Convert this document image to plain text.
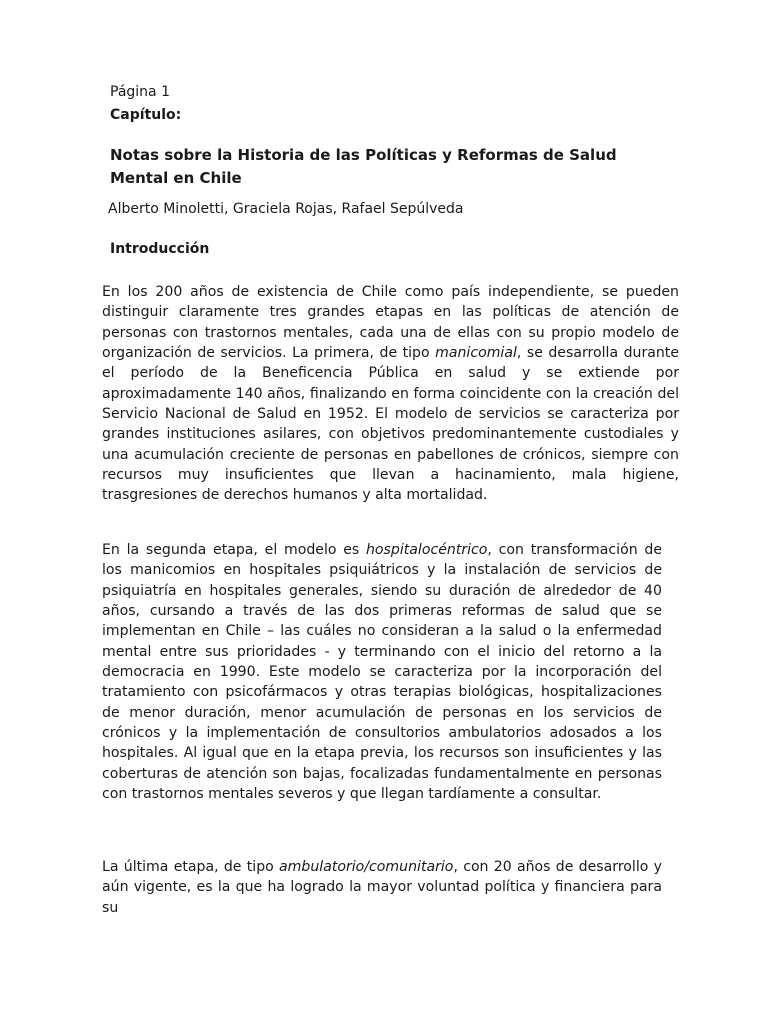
Página 1
Capítulo:
Notas sobre la Historia de las Políticas y Reformas de Salud Mental en Chile
Alberto Minoletti, Graciela Rojas, Rafael Sepúlveda
Introducción

En los 200 años de existencia de Chile como país independiente, se pueden distinguir claramente tres grandes etapas en las políticas de atención de personas con trastornos mentales, cada una de ellas con su propio modelo de organización de servicios. La primera, de tipo manicomial, se desarrolla durante el período de la Beneficencia Pública en salud y se extiende por aproximadamente 140 años, finalizando en forma coincidente con la creación del Servicio Nacional de Salud en 1952. El modelo de servicios se caracteriza por grandes instituciones asilares, con objetivos predominantemente custodiales y una acumulación creciente de personas en pabellones de crónicos, siempre con recursos muy insuficientes que llevan a hacinamiento, mala higiene, trasgresiones de derechos humanos y alta mortalidad.

En la segunda etapa, el modelo es hospitalocéntrico, con transformación de los manicomios en hospitales psiquiátricos y la instalación de servicios de psiquiatría en hospitales generales, siendo su duración de alrededor de 40 años, cursando a través de las dos primeras reformas de salud que se implementan en Chile – las cuáles no consideran a la salud o la enfermedad mental entre sus prioridades - y terminando con el inicio del retorno a la democracia en 1990. Este modelo se caracteriza por la incorporación del tratamiento con psicofármacos y otras terapias biológicas, hospitalizaciones de menor duración, menor acumulación de personas en los servicios de crónicos y la implementación de consultorios ambulatorios adosados a los hospitales. Al igual que en la etapa previa, los recursos son insuficientes y las coberturas de atención son bajas, focalizadas fundamentalmente en personas con trastornos mentales severos y que llegan tardíamente a consultar.

La última etapa, de tipo ambulatorio/comunitario, con 20 años de desarrollo y aún vigente, es la que ha logrado la mayor voluntad política y financiera para su
